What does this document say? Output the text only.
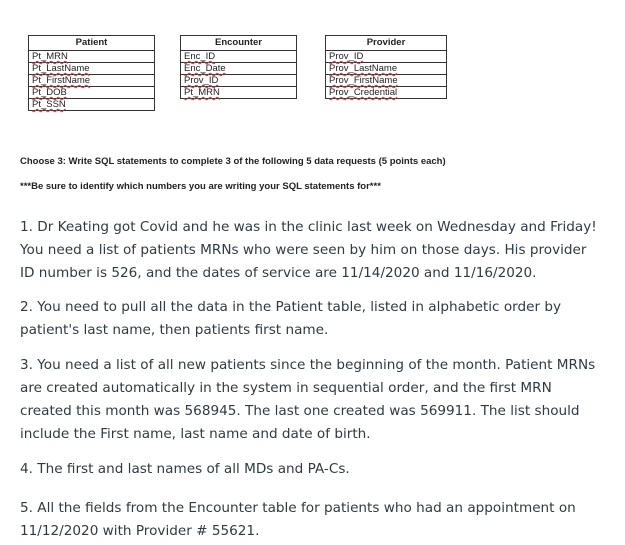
Patient
Pt_MRN
Pt_LastName
Pt_FirstName
Pt_DOB
Pt_SSN
Encounter
Enc_ID
Enc_Date
Prov_ID
Pt_MRN
Provider
Prov_ID
Prov_LastName
Prov_FirstName
Prov_Credential
Choose 3: Write SQL statements to complete 3 of the following 5 data requests (5 points each)
***Be sure to identify which numbers you are writing your SQL statements for***
1. Dr Keating got Covid and he was in the clinic last week on Wednesday and Friday! You need a list of patients MRNs who were seen by him on those days. His provider ID number is 526, and the dates of service are 11/14/2020 and 11/16/2020.
2. You need to pull all the data in the Patient table, listed in alphabetic order by patient's last name, then patients first name.
3. You need a list of all new patients since the beginning of the month. Patient MRNs are created automatically in the system in sequential order, and the first MRN created this month was 568945. The last one created was 569911. The list should include the First name, last name and date of birth.
4. The first and last names of all MDs and PA-Cs.
5. All the fields from the Encounter table for patients who had an appointment on 11/12/2020 with Provider # 55621.
